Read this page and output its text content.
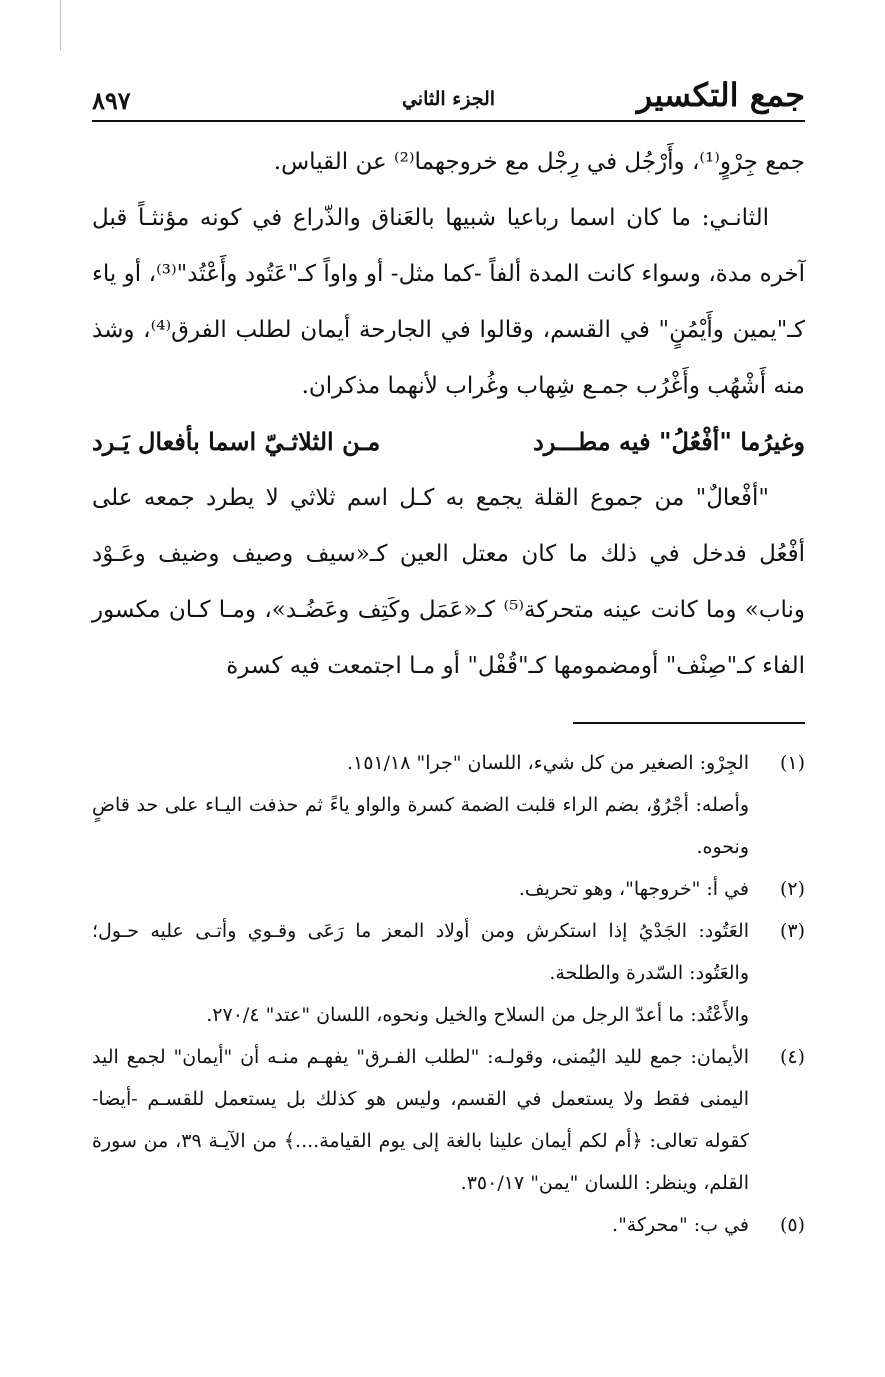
جمع التكسير
الجزء الثاني
٨٩٧

جمع جِرْوٍ⁽¹⁾، وأَرْجُل في رِجْل مع خروجهما⁽²⁾ عن القياس.

الثانـي: ما كان اسما رباعيا شبيها بالعَناق والذّراع في كونه مؤنثـاً قبل آخره مدة، وسواء كانت المدة ألفاً -كما مثل- أو واواً كـ"عَتُود وأَعْتُد"⁽³⁾، أو ياء كـ"يمين وأَيْمُنٍ" في القسم، وقالوا في الجارحة أيمان لطلب الفرق⁽⁴⁾، وشذ منه أَشْهُب وأَغْرُب جمـع شِهاب وغُراب لأنهما مذكران.

وغيرُما "أفْعُلُ" فيه مطـــرد
مـن الثلاثـيّ اسما بأفعال يَـرد

"أفْعالٌ" من جموع القلة يجمع به كـل اسم ثلاثي لا يطرد جمعه على أفْعُل فدخل في ذلك ما كان معتل العين كـ«سيف وصيف وضيف وعَـوْد وناب» وما كانت عينه متحركة⁽⁵⁾ كـ«عَمَل وكَتِف وعَضُـد»، ومـا كـان مكسور الفاء كـ"صِنْف" أومضمومها كـ"قُفْل" أو مـا اجتمعت فيه كسرة

(١)
الجِرْو: الصغير من كل شيء، اللسان "جرا" ١٥١/١٨.
وأصله: أجْرُوٌ، بضم الراء قلبت الضمة كسرة والواو ياءً ثم حذفت اليـاء على حد قاضٍ ونحوه.
(٢)
في أ: "خروجها"، وهو تحريف.
(٣)
العَتُود: الجَدْيُ إذا استكرش ومن أولاد المعز ما رَعَى وقـوي وأتـى عليه حـول؛ والعَتُود: السّدرة والطلحة.
والأَعْتُد: ما أعدّ الرجل من السلاح والخيل ونحوه، اللسان "عتد" ٢٧٠/٤.
(٤)
الأيمان: جمع لليد اليُمنى، وقولـه: "لطلب الفـرق" يفهـم منـه أن "أيمان" لجمع اليد اليمنى فقط ولا يستعمل في القسم، وليس هو كذلك بل يستعمل للقسـم -أيضا- كقوله تعالى: ﴿أم لكم أيمان علينا بالغة إلى يوم القيامة....﴾ من الآيـة ٣٩، من سورة القلم، وينظر: اللسان "يمن" ٣٥٠/١٧.
(٥)
في ب: "محركة".
